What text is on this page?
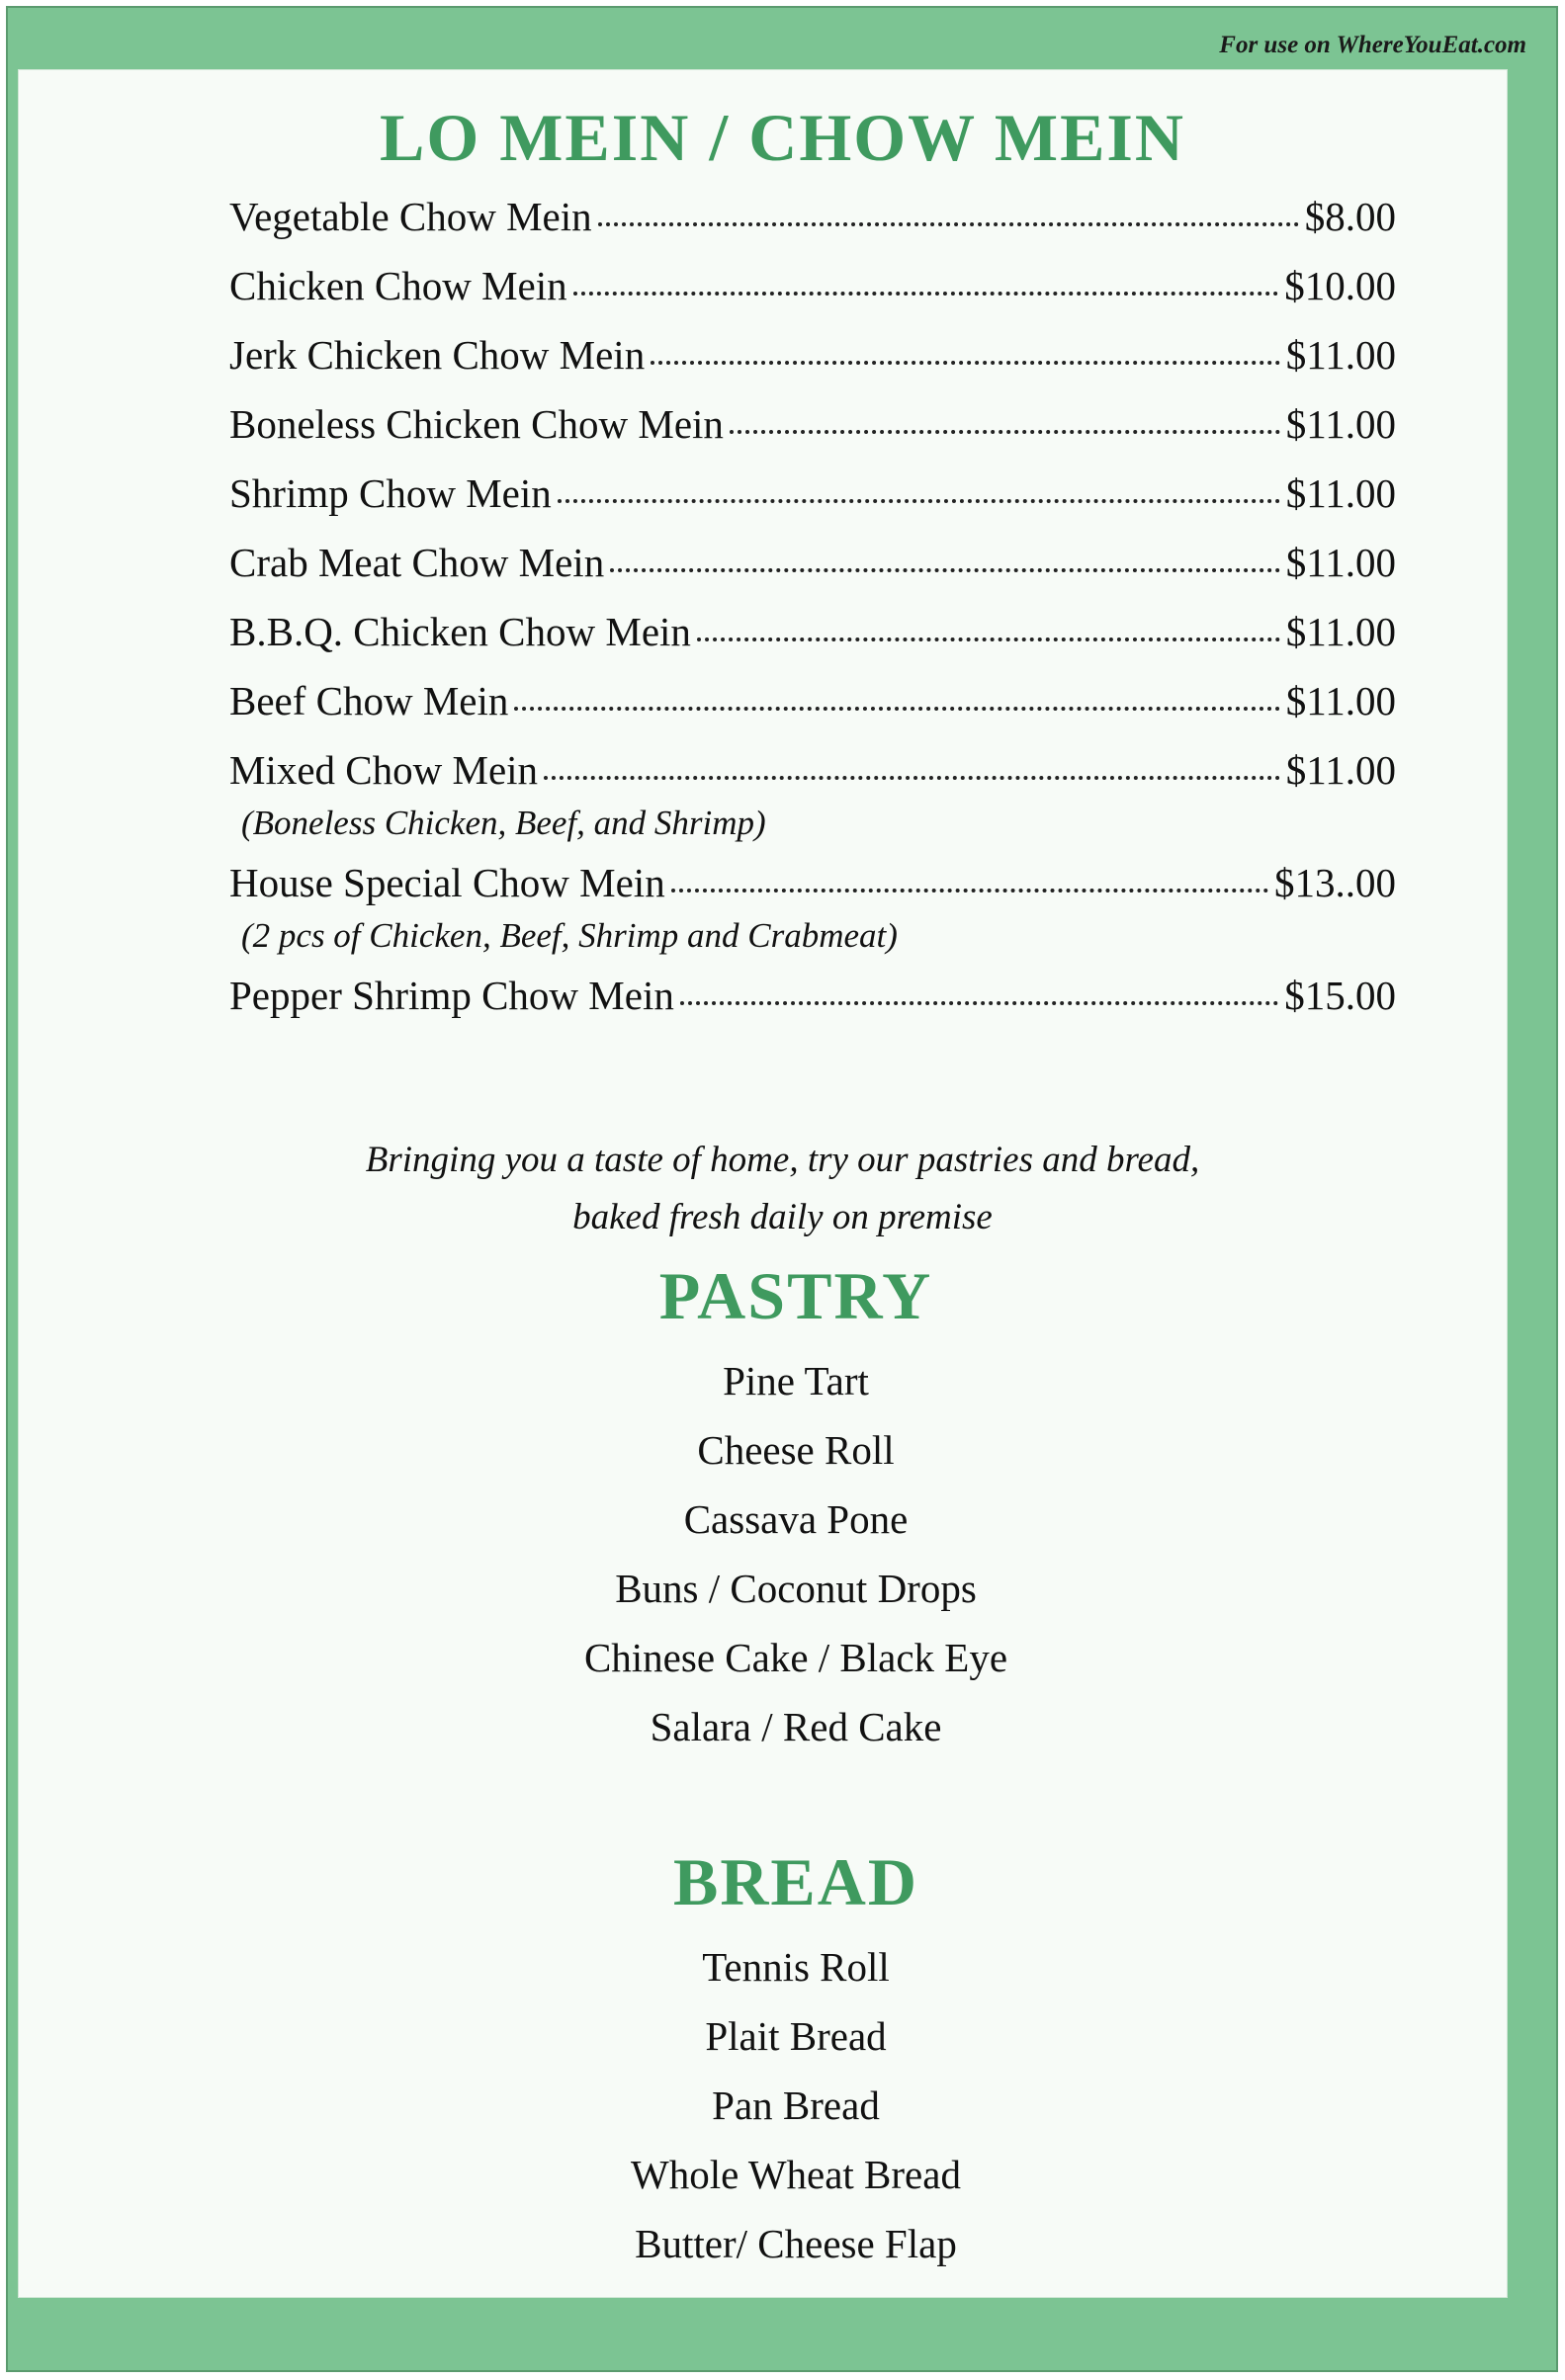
For use on WhereYouEat.com
LO MEIN / CHOW MEIN
Vegetable Chow Mein	$8.00
Chicken Chow Mein	$10.00
Jerk Chicken Chow Mein	$11.00
Boneless Chicken Chow Mein	$11.00
Shrimp Chow Mein	$11.00
Crab Meat Chow Mein	$11.00
B.B.Q. Chicken Chow Mein	$11.00
Beef Chow Mein	$11.00
Mixed Chow Mein	$11.00
(Boneless Chicken, Beef, and Shrimp)
House Special Chow Mein	$13..00
(2 pcs of Chicken, Beef, Shrimp and Crabmeat)
Pepper Shrimp Chow Mein	$15.00
Bringing you a taste of home, try our pastries and bread,
baked fresh daily on premise
PASTRY
Pine Tart
Cheese Roll
Cassava Pone
Buns / Coconut Drops
Chinese Cake / Black Eye
Salara / Red Cake
BREAD
Tennis Roll
Plait Bread
Pan Bread
Whole Wheat Bread
Butter/ Cheese Flap
